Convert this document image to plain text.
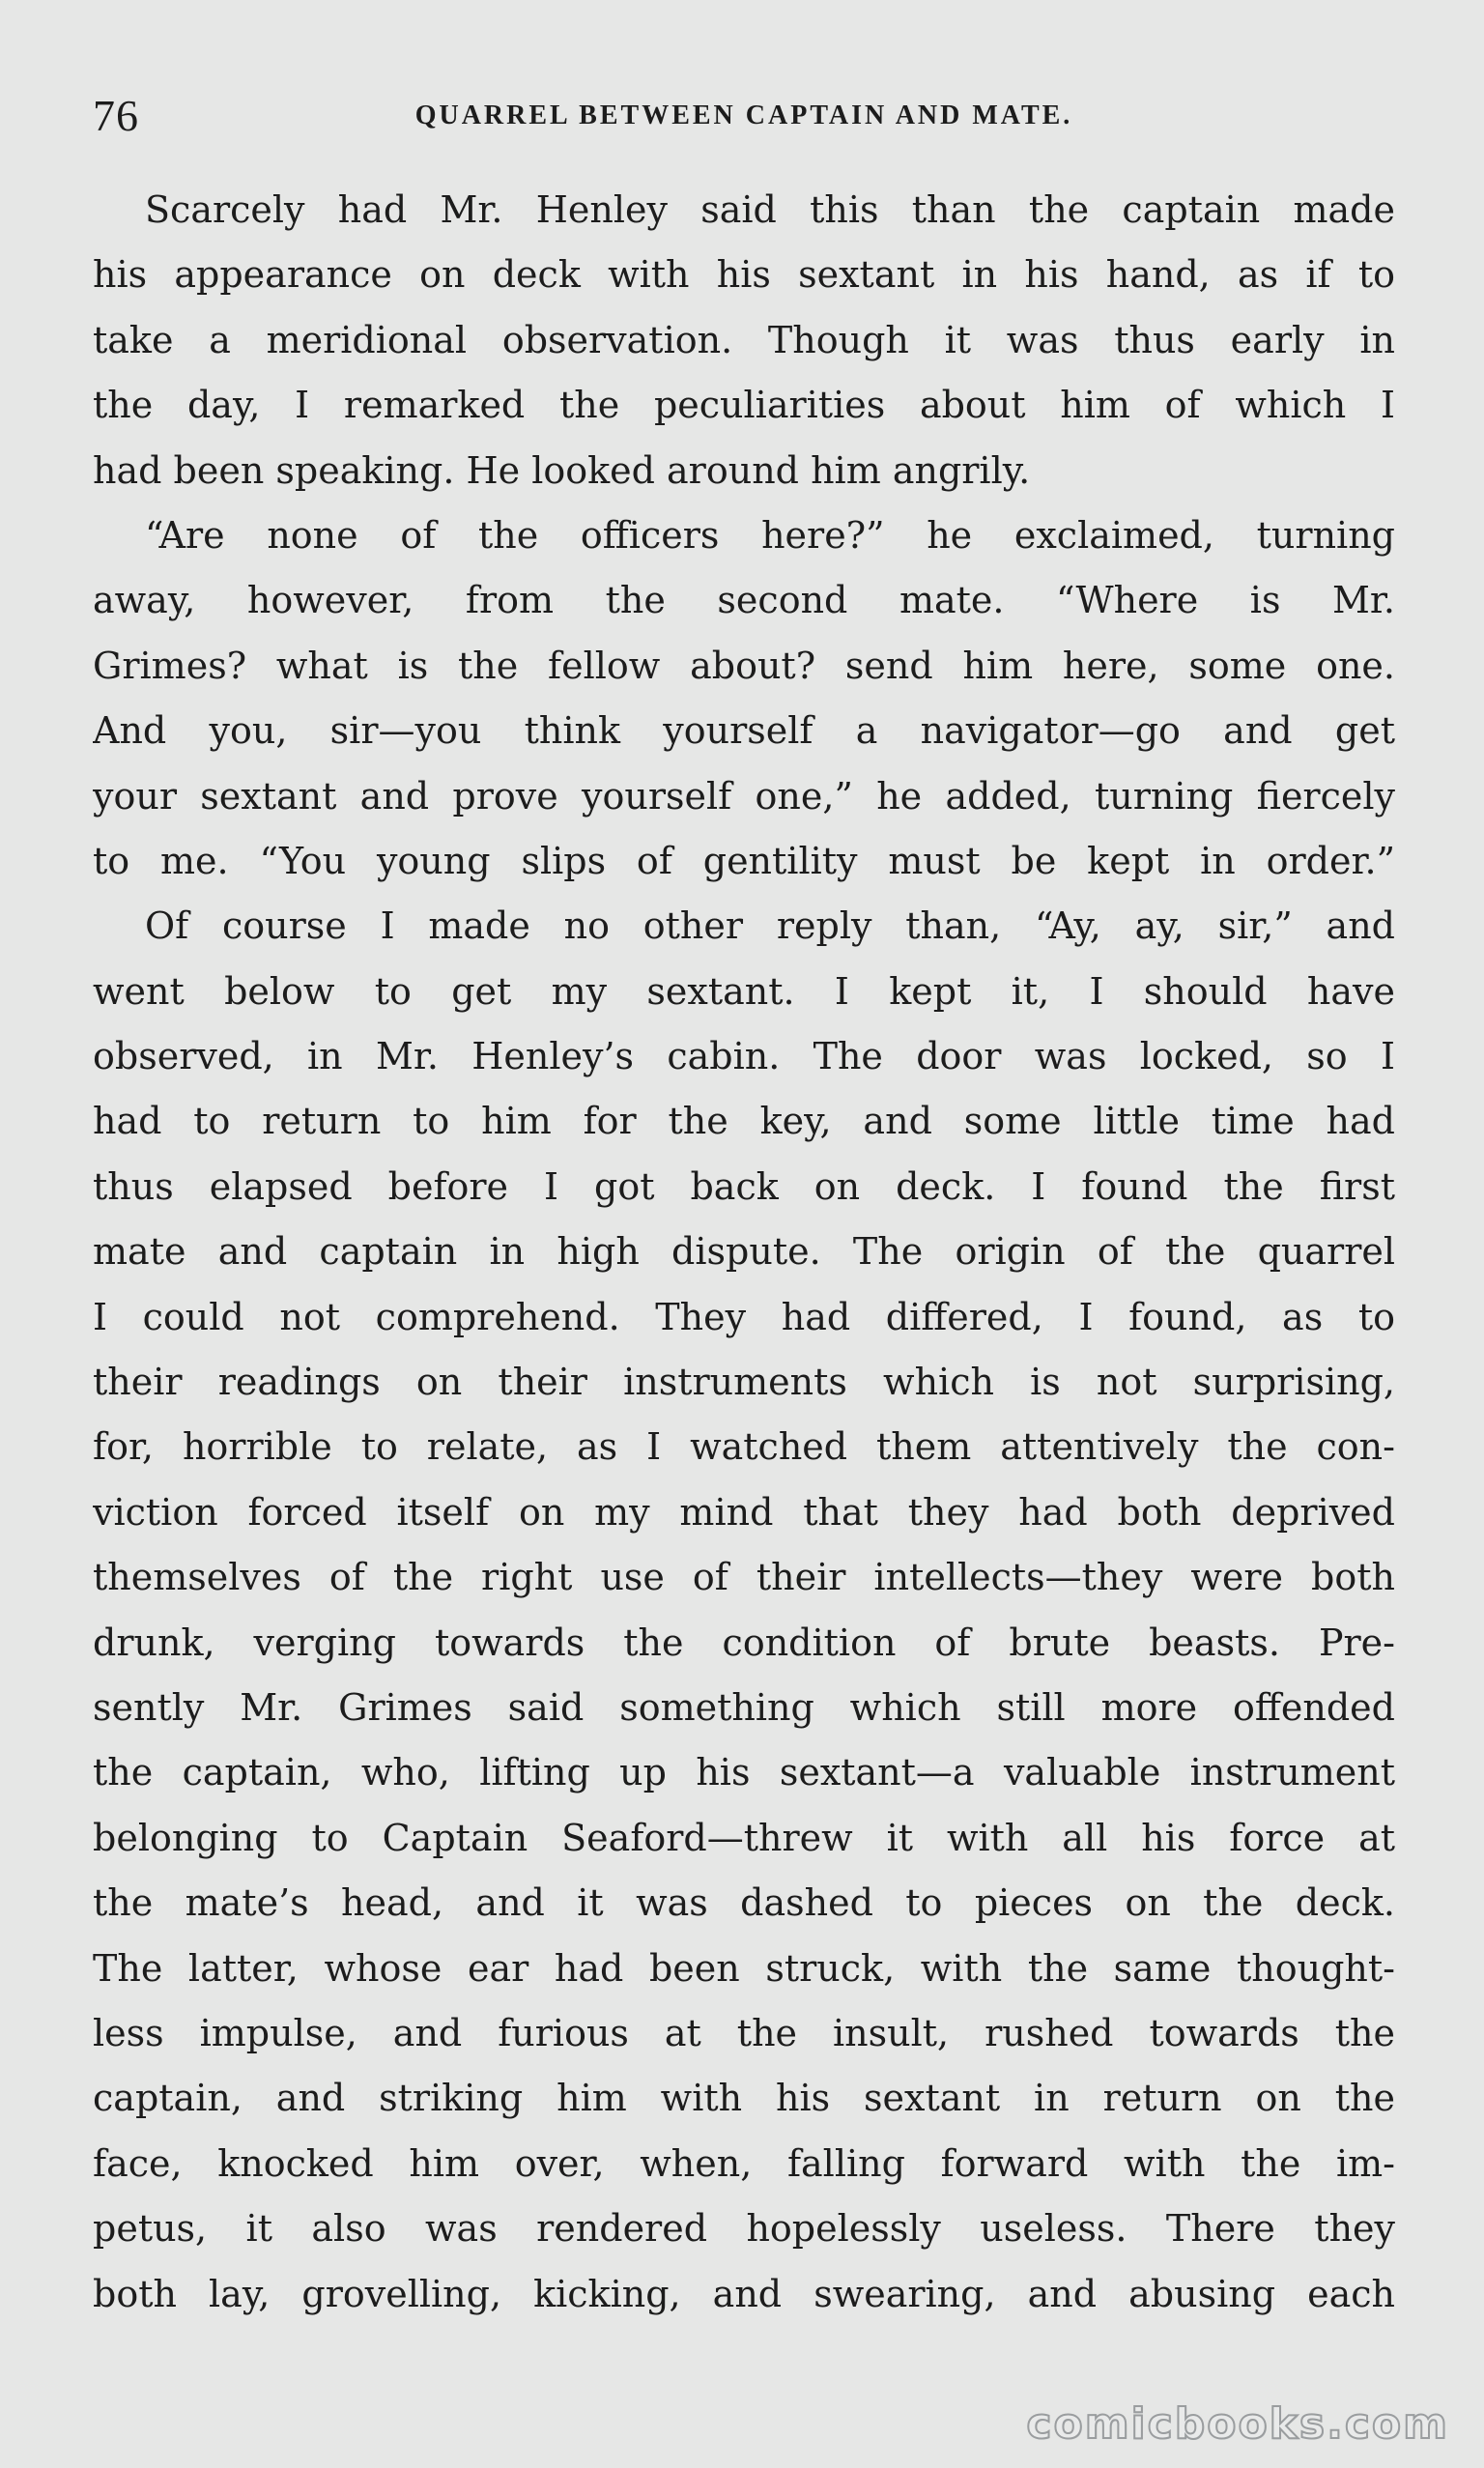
76	QUARREL BETWEEN CAPTAIN AND MATE.
Scarcely had Mr. Henley said this than the captain made
his appearance on deck with his sextant in his hand, as if to
take a meridional observation. Though it was thus early in
the day, I remarked the peculiarities about him of which I
had been speaking. He looked around him angrily.
“Are none of the officers here?” he exclaimed, turning
away, however, from the second mate. “Where is Mr.
Grimes? what is the fellow about? send him here, some one.
And you, sir—you think yourself a navigator—go and get
your sextant and prove yourself one,” he added, turning fiercely
to me. “You young slips of gentility must be kept in order.”
Of course I made no other reply than, “Ay, ay, sir,” and
went below to get my sextant. I kept it, I should have
observed, in Mr. Henley’s cabin. The door was locked, so I
had to return to him for the key, and some little time had
thus elapsed before I got back on deck. I found the first
mate and captain in high dispute. The origin of the quarrel
I could not comprehend. They had differed, I found, as to
their readings on their instruments which is not surprising,
for, horrible to relate, as I watched them attentively the con-
viction forced itself on my mind that they had both deprived
themselves of the right use of their intellects—they were both
drunk, verging towards the condition of brute beasts. Pre-
sently Mr. Grimes said something which still more offended
the captain, who, lifting up his sextant—a valuable instrument
belonging to Captain Seaford—threw it with all his force at
the mate’s head, and it was dashed to pieces on the deck.
The latter, whose ear had been struck, with the same thought-
less impulse, and furious at the insult, rushed towards the
captain, and striking him with his sextant in return on the
face, knocked him over, when, falling forward with the im-
petus, it also was rendered hopelessly useless. There they
both lay, grovelling, kicking, and swearing, and abusing each
comicbooks.com
